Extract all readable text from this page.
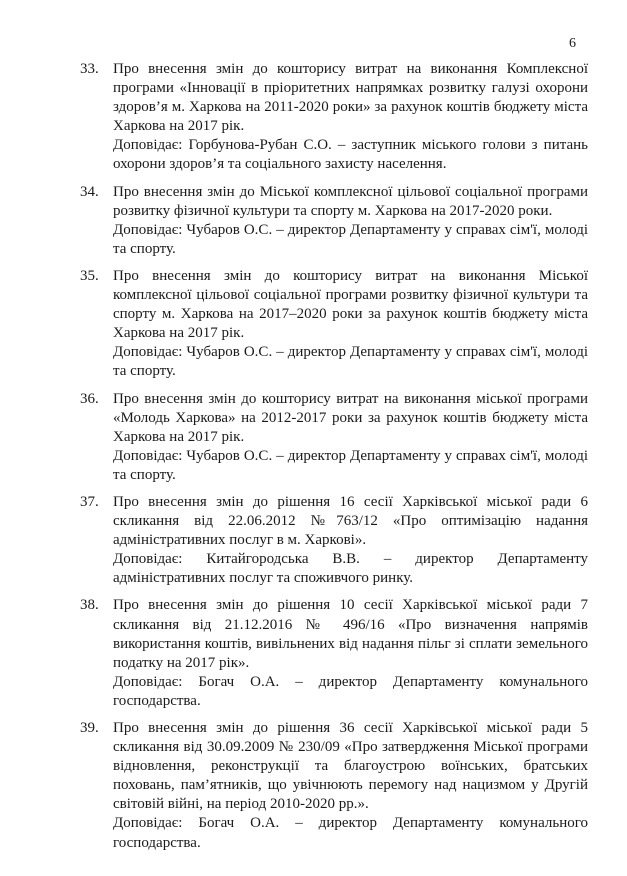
6
33. Про внесення змін до кошторису витрат на виконання Комплексної програми «Інновації в пріоритетних напрямках розвитку галузі охорони здоров’я м. Харкова на 2011-2020 роки» за рахунок коштів бюджету міста Харкова на 2017 рік.
Доповідає: Горбунова-Рубан С.О. – заступник міського голови з питань охорони здоров’я та соціального захисту населення.
34. Про внесення змін до Міської комплексної цільової соціальної програми розвитку фізичної культури та спорту м. Харкова на 2017-2020 роки.
Доповідає: Чубаров О.С. – директор Департаменту у справах сім'ї, молоді та спорту.
35. Про внесення змін до кошторису витрат на виконання Міської комплексної цільової соціальної програми розвитку фізичної культури та спорту м. Харкова на 2017–2020 роки за рахунок коштів бюджету міста Харкова на 2017 рік.
Доповідає: Чубаров О.С. – директор Департаменту у справах сім'ї, молоді та спорту.
36. Про внесення змін до кошторису витрат на виконання міської програми «Молодь Харкова» на 2012-2017 роки за рахунок коштів бюджету міста Харкова на 2017 рік.
Доповідає: Чубаров О.С. – директор Департаменту у справах сім'ї, молоді та спорту.
37. Про внесення змін до рішення 16 сесії Харківської міської ради 6 скликання від 22.06.2012 №763/12 «Про оптимізацію надання адміністративних послуг в м. Харкові».
Доповідає: Китайгородська В.В. – директор Департаменту адміністративних послуг та споживчого ринку.
38. Про внесення змін до рішення 10 сесії Харківської міської ради 7 скликання від 21.12.2016 № 496/16 «Про визначення напрямів використання коштів, вивільнених від надання пільг зі сплати земельного податку на 2017 рік».
Доповідає: Богач О.А. – директор Департаменту комунального господарства.
39. Про внесення змін до рішення 36 сесії Харківської міської ради 5 скликання від 30.09.2009 № 230/09 «Про затвердження Міської програми відновлення, реконструкції та благоустрою воїнських, братських поховань, пам’ятників, що увічнюють перемогу над нацизмом у Другій світовій війні, на період 2010-2020 рр.».
Доповідає: Богач О.А. – директор Департаменту комунального господарства.
